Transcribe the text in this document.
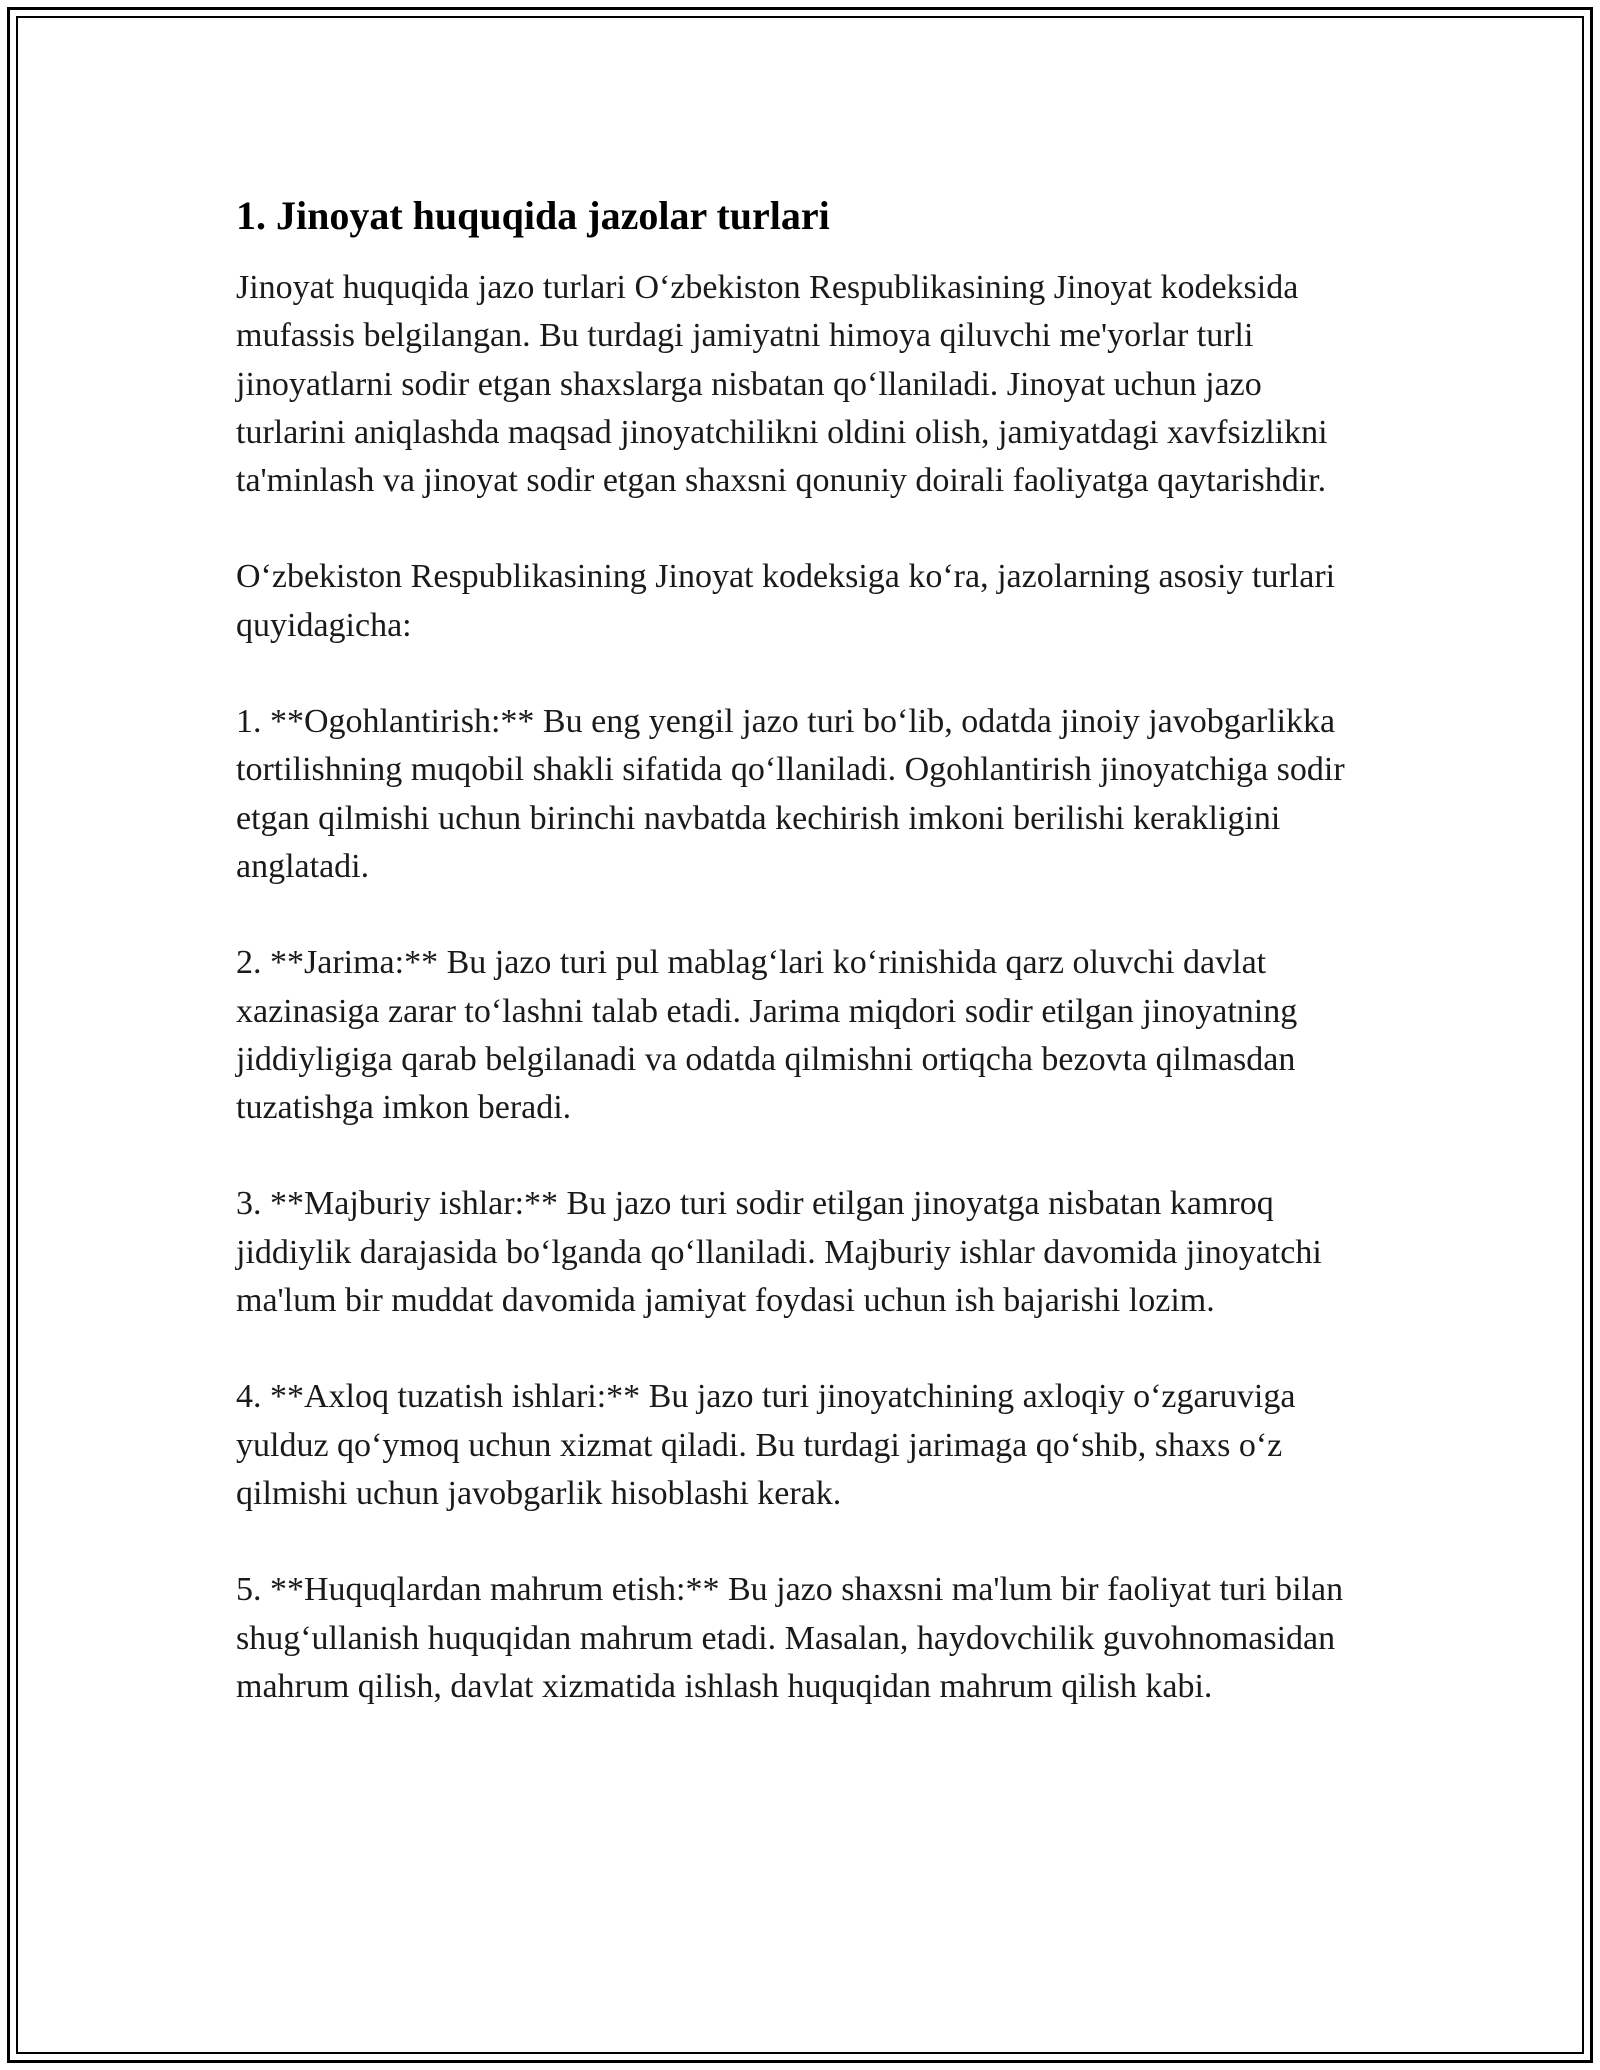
1. Jinoyat huquqida jazolar turlari

Jinoyat huquqida jazo turlari O‘zbekiston Respublikasining Jinoyat kodeksida mufassis belgilangan. Bu turdagi jamiyatni himoya qiluvchi me'yorlar turli jinoyatlarni sodir etgan shaxslarga nisbatan qo‘llaniladi. Jinoyat uchun jazo turlarini aniqlashda maqsad jinoyatchilikni oldini olish, jamiyatdagi xavfsizlikni ta'minlash va jinoyat sodir etgan shaxsni qonuniy doirali faoliyatga qaytarishdir.

O‘zbekiston Respublikasining Jinoyat kodeksiga ko‘ra, jazolarning asosiy turlari quyidagicha:

1. **Ogohlantirish:** Bu eng yengil jazo turi bo‘lib, odatda jinoiy javobgarlikka tortilishning muqobil shakli sifatida qo‘llaniladi. Ogohlantirish jinoyatchiga sodir etgan qilmishi uchun birinchi navbatda kechirish imkoni berilishi kerakligini anglatadi.

2. **Jarima:** Bu jazo turi pul mablag‘lari ko‘rinishida qarz oluvchi davlat xazinasiga zarar to‘lashni talab etadi. Jarima miqdori sodir etilgan jinoyatning jiddiyligiga qarab belgilanadi va odatda qilmishni ortiqcha bezovta qilmasdan tuzatishga imkon beradi.

3. **Majburiy ishlar:** Bu jazo turi sodir etilgan jinoyatga nisbatan kamroq jiddiylik darajasida bo‘lganda qo‘llaniladi. Majburiy ishlar davomida jinoyatchi ma'lum bir muddat davomida jamiyat foydasi uchun ish bajarishi lozim.

4. **Axloq tuzatish ishlari:** Bu jazo turi jinoyatchining axloqiy o‘zgaruviga yulduz qo‘ymoq uchun xizmat qiladi. Bu turdagi jarimaga qo‘shib, shaxs o‘z qilmishi uchun javobgarlik hisoblashi kerak.

5. **Huquqlardan mahrum etish:** Bu jazo shaxsni ma'lum bir faoliyat turi bilan shug‘ullanish huquqidan mahrum etadi. Masalan, haydovchilik guvohnomasidan mahrum qilish, davlat xizmatida ishlash huquqidan mahrum qilish kabi.
